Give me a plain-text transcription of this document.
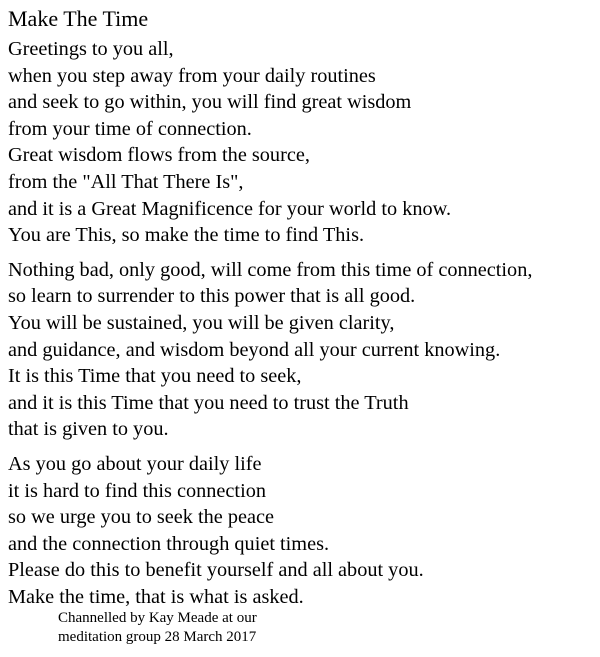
Make The Time
Greetings to you all,
when you step away from your daily routines
and seek to go within, you will find great wisdom
from your time of connection.
Great wisdom flows from the source,
from the "All That There Is",
and it is a Great Magnificence for your world to know.
You are This, so make the time to find This.
Nothing bad, only good, will come from this time of connection,
so learn to surrender to this power that is all good.
You will be sustained, you will be given clarity,
and guidance, and wisdom beyond all your current knowing.
It is this Time that you need to seek,
and it is this Time that you need to trust the Truth
that is given to you.
As you go about your daily life
it is hard to find this connection
so we urge you to seek the peace
and the connection through quiet times.
Please do this to benefit yourself and all about you.
Make the time, that is what is asked.
Channelled by Kay Meade at our
meditation group 28 March 2017
